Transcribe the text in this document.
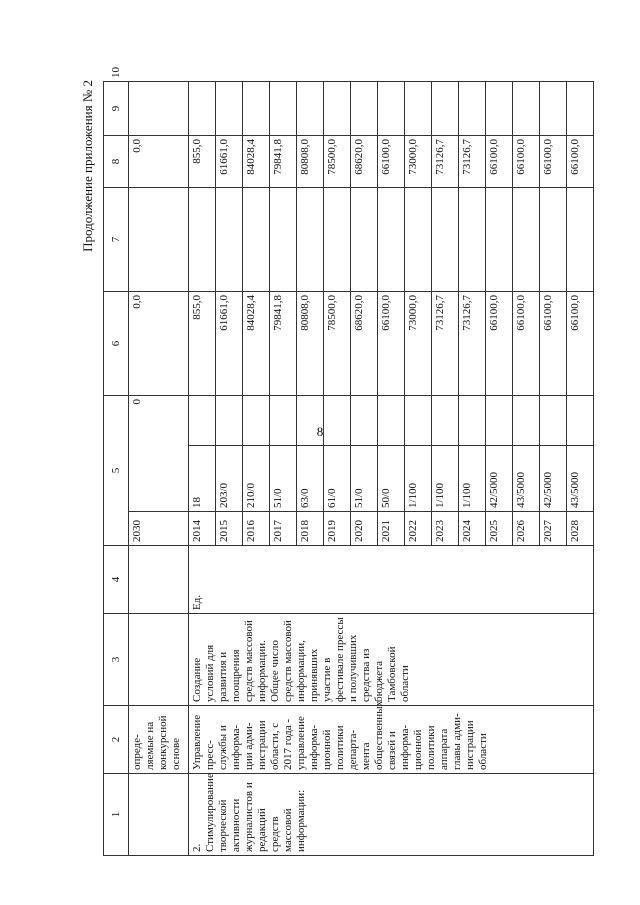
8
Продолжение приложения № 2
1	2	3	4	5			6	7	8	9	10
	опреде-ляемые на конкурсной основе			2030	0		0,0		0,0		
2. Стимулирование творческой активности журналистов и редакций средств массовой информации:	Управление пресс-службы и информа-ции адми-нистрации области, с 2017 года - управление информа-ционной политики департа-мента общественных связей и информа-ционной политики аппарата главы адми-нистрации области	Создание условий для развития и поощрения средств массовой информации. Общее число средств массовой информации, принявших участие в фестивале прессы и получивших средства из бюджета Тамбовской области	Ед.	2014	18		855,0		855,0		
				2015	203/0		61661,0		61661,0		
				2016	210/0		84028,4		84028,4		
				2017	51/0		79841,8		79841,8		
				2018	63/0		80808,0		80808,0		
				2019	61/0		78500,0		78500,0		
				2020	51/0		68620,0		68620,0		
				2021	50/0		66100,0		66100,0		
				2022	1/100		73000,0		73000,0		
				2023	1/100		73126,7		73126,7		
				2024	1/100		73126,7		73126,7		
				2025	42/5000		66100,0		66100,0		
				2026	43/5000		66100,0		66100,0		
				2027	42/5000		66100,0		66100,0		
				2028	43/5000		66100,0		66100,0		
